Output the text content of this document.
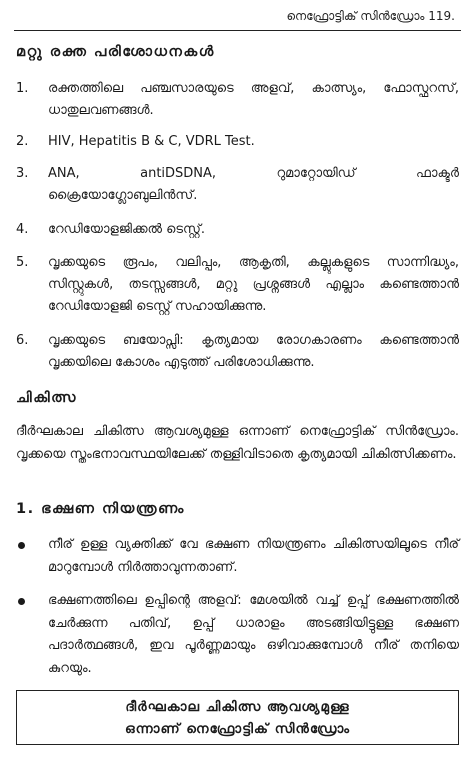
നെഫ്രോട്ടിക് സിൻഡ്രോം 119.
മറ്റു രക്ത പരിശോധനകൾ
1.	രക്തത്തിലെ പഞ്ചസാരയുടെ അളവ്, കാത്സ്യം, ഫോസ്ഫറസ്, ധാതുലവണങ്ങൾ.
2.	HIV, Hepatitis B & C, VDRL Test.
3.	ANA, antiDSDNA, റുമാറ്റോയിഡ് ഫാക്ടർ ക്രൈയോഗ്ലോബുലിൻസ്.
4.	റേഡിയോളജിക്കൽ ടെസ്റ്റ്.
5.	വൃക്കയുടെ രൂപം, വലിപ്പം, ആകൃതി, കല്ലുകളുടെ സാന്നിദ്ധ്യം, സിസ്റ്റുകൾ, തടസ്സങ്ങൾ, മറ്റു പ്രശ്നങ്ങൾ എല്ലാം കണ്ടെത്താൻ റേഡിയോളജി ടെസ്റ്റ് സഹായിക്കുന്നു.
6.	വൃക്കയുടെ ബയോപ്സി: കൃത്യമായ രോഗകാരണം കണ്ടെത്താൻ വൃക്കയിലെ കോശം എടുത്ത് പരിശോധിക്കുന്നു.
ചികിത്സ
ദീർഘകാല ചികിത്സ ആവശ്യമുള്ള ഒന്നാണ് നെഫ്രോട്ടിക് സിൻഡ്രോം. വൃക്കയെ സ്തംഭനാവസ്ഥയിലേക്ക് തള്ളിവിടാതെ കൃത്യമായി ചികിത്സിക്കണം.
1. ഭക്ഷണ നിയന്ത്രണം
നീര് ഉള്ള വ്യക്തിക്ക് വേ ഭക്ഷണ നിയന്ത്രണം ചികിത്സയിലൂടെ നീര് മാറുമ്പോൾ നിർത്താവുന്നതാണ്.
ഭക്ഷണത്തിലെ ഉപ്പിന്റെ അളവ്: മേശയിൽ വച്ച് ഉപ്പ് ഭക്ഷണത്തിൽ ചേർക്കുന്ന പതിവ്, ഉപ്പ് ധാരാളം അടങ്ങിയിട്ടുള്ള ഭക്ഷണ പദാർത്ഥങ്ങൾ, ഇവ പൂർണ്ണമായും ഒഴിവാക്കുമ്പോൾ നീര് തനിയെ കുറയും.
ദീർഘകാല ചികിത്സ ആവശ്യമുള്ള
ഒന്നാണ് നെഫ്രോട്ടിക് സിൻഡ്രോം
